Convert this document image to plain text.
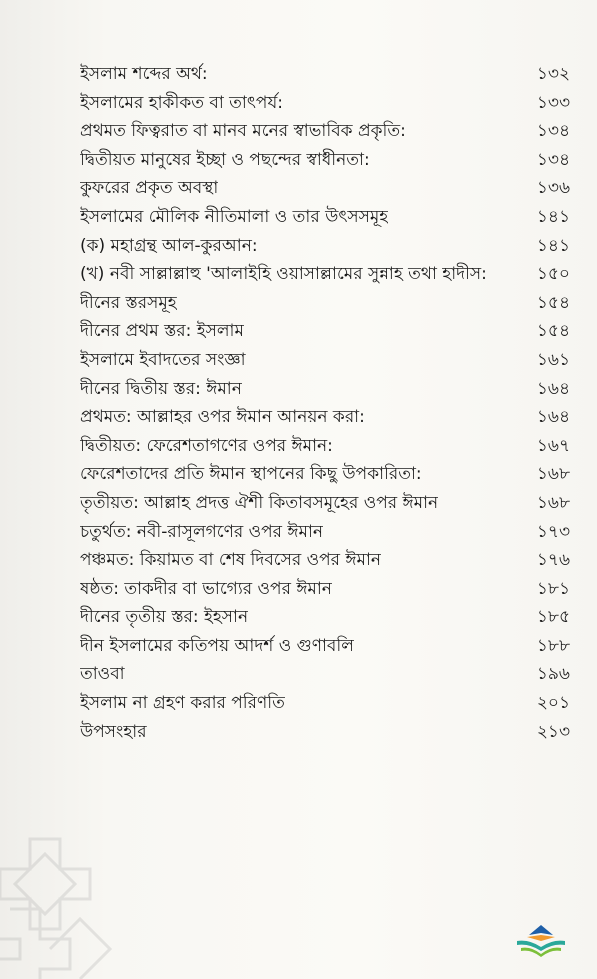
ইসলাম শব্দের অর্থ:	১৩২
ইসলামের হাকীকত বা তাৎপর্য:	১৩৩
প্রথমত ফিত্বরাত বা মানব মনের স্বাভাবিক প্রকৃতি:	১৩৪
দ্বিতীয়ত মানুষের ইচ্ছা ও পছন্দের স্বাধীনতা:	১৩৪
কুফরের প্রকৃত অবস্থা	১৩৬
ইসলামের মৌলিক নীতিমালা ও তার উৎসসমূহ	১৪১
(ক) মহাগ্রন্থ আল-কুরআন:	১৪১
(খ) নবী সাল্লাল্লাহু 'আলাইহি ওয়াসাল্লামের সুন্নাহ তথা হাদীস:	১৫০
দীনের স্তরসমূহ	১৫৪
দীনের প্রথম স্তর: ইসলাম	১৫৪
ইসলামে ইবাদতের সংজ্ঞা	১৬১
দীনের দ্বিতীয় স্তর: ঈমান	১৬৪
প্রথমত: আল্লাহর ওপর ঈমান আনয়ন করা:	১৬৪
দ্বিতীয়ত: ফেরেশতাগণের ওপর ঈমান:	১৬৭
ফেরেশতাদের প্রতি ঈমান স্থাপনের কিছু উপকারিতা:	১৬৮
তৃতীয়ত: আল্লাহ প্রদত্ত ঐশী কিতাবসমূহের ওপর ঈমান	১৬৮
চতুর্থত: নবী-রাসূলগণের ওপর ঈমান	১৭৩
পঞ্চমত: কিয়ামত বা শেষ দিবসের ওপর ঈমান	১৭৬
ষষ্ঠত: তাকদীর বা ভাগ্যের ওপর ঈমান	১৮১
দীনের তৃতীয় স্তর: ইহসান	১৮৫
দীন ইসলামের কতিপয় আদর্শ ও গুণাবলি	১৮৮
তাওবা	১৯৬
ইসলাম না গ্রহণ করার পরিণতি	২০১
উপসংহার	২১৩
